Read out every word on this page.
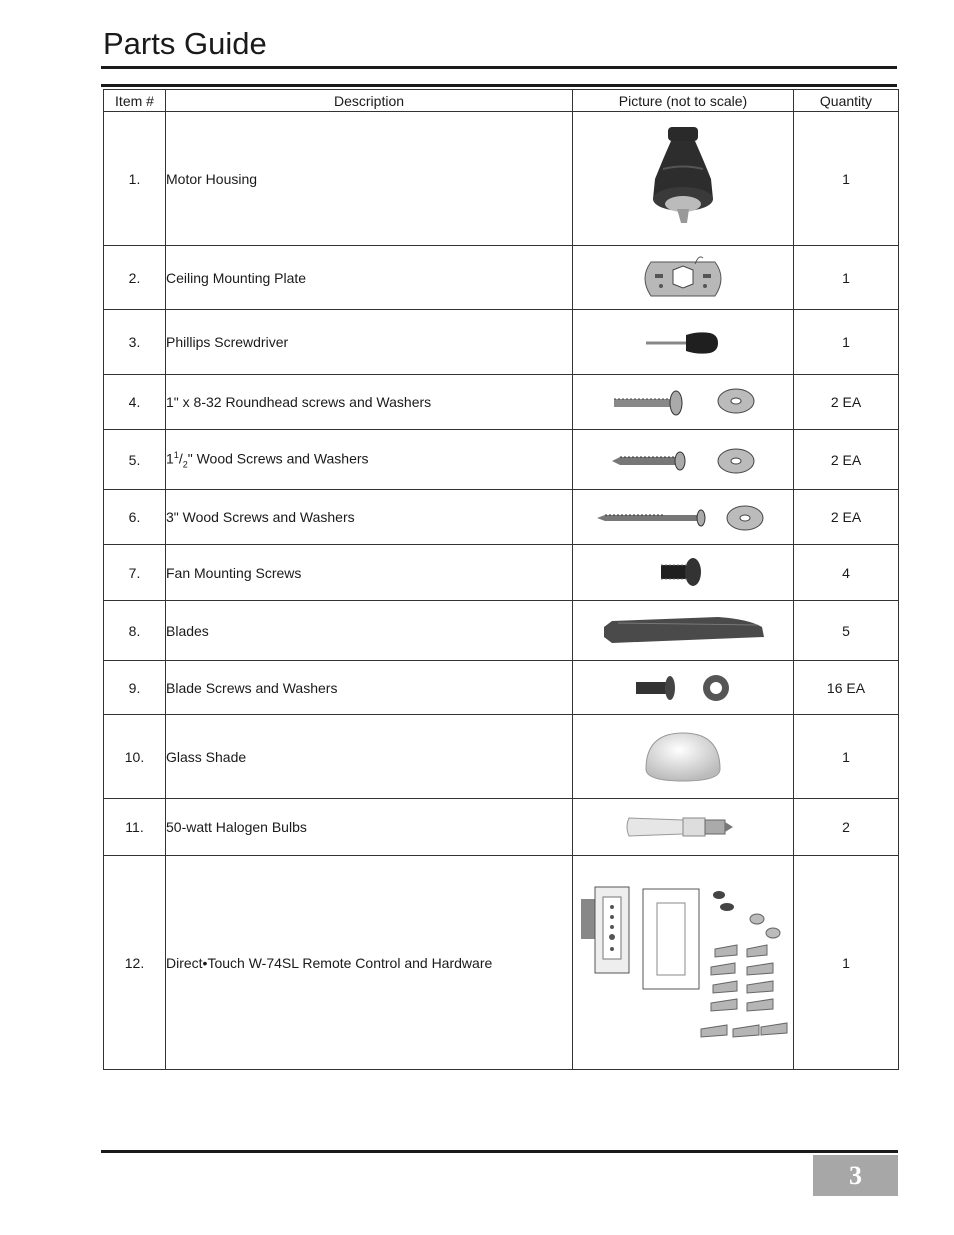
Parts Guide
Item #	Description	Picture (not to scale)	Quantity
1.	Motor Housing		1
2.	Ceiling Mounting Plate		1
3.	Phillips Screwdriver		1
4.	1" x 8-32 Roundhead screws and Washers		2 EA
5.	$1^1/_2$" Wood Screws and Washers		2 EA
6.	3" Wood Screws and Washers		2 EA
7.	Fan Mounting Screws		4
8.	Blades		5
9.	Blade Screws and Washers		16 EA
10.	Glass Shade		1
11.	50-watt Halogen Bulbs		2
12.	Direct•Touch W-74SL Remote Control and Hardware		1
3
